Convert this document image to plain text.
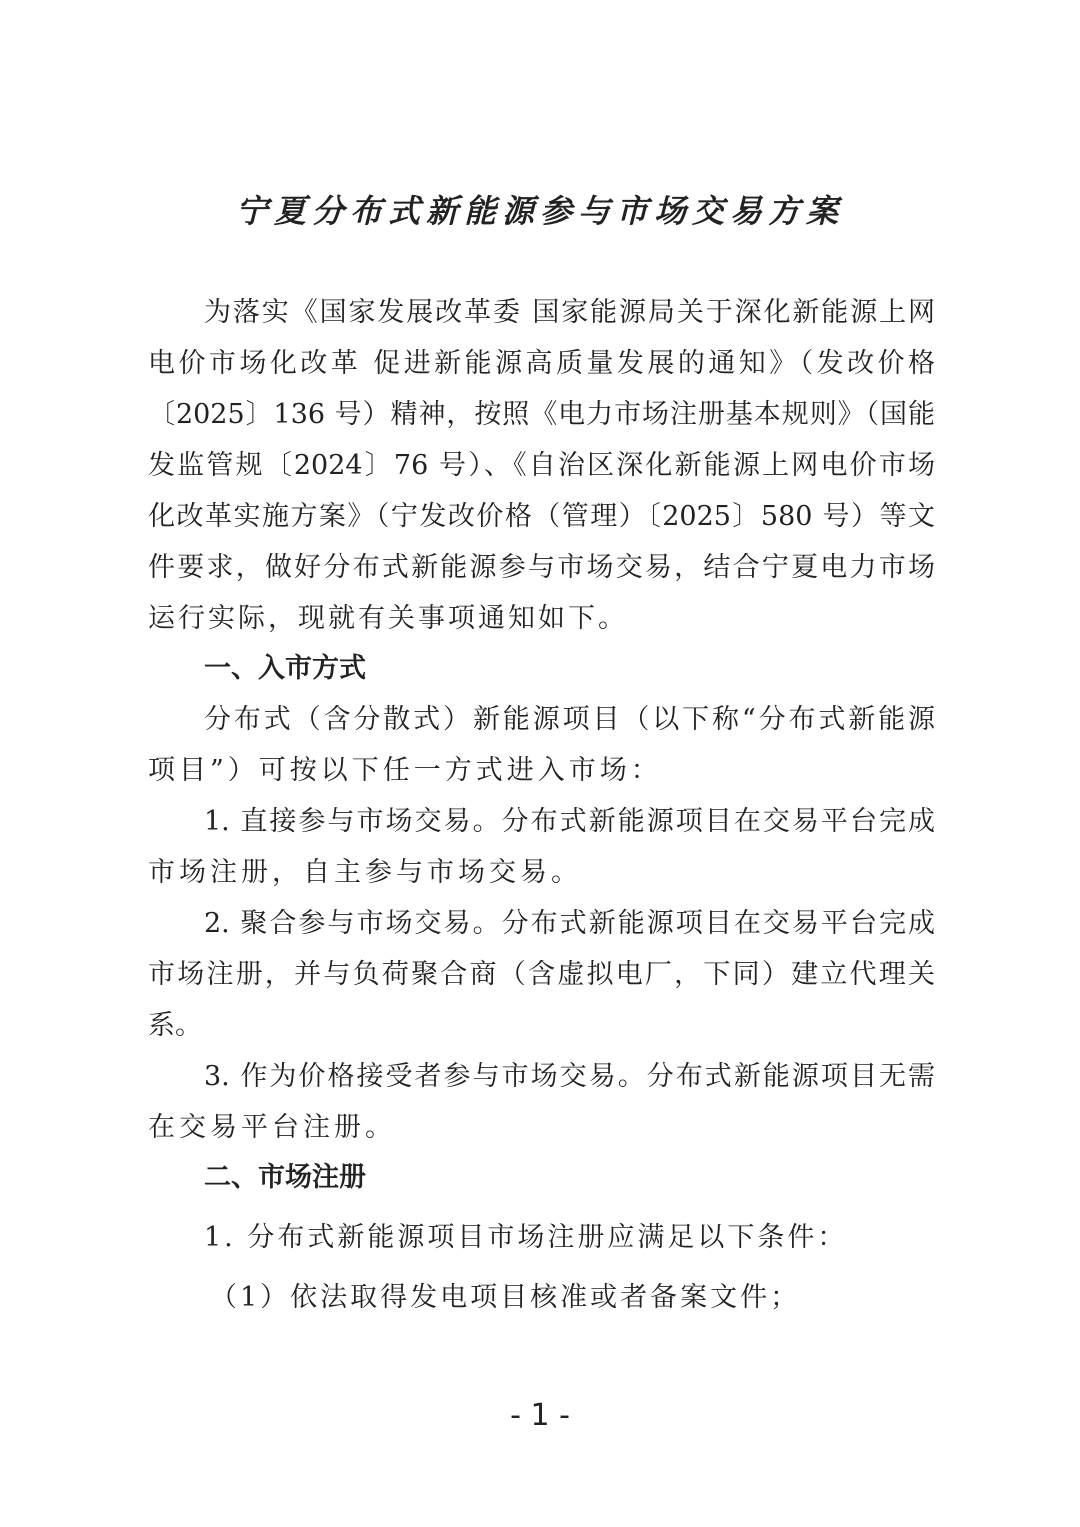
宁夏分布式新能源参与市场交易方案
为落实《国家发展改革委 国家能源局关于深化新能源上网
电价市场化改革 促进新能源高质量发展的通知》（发改价格
〔2025〕136 号）精神，按照《电力市场注册基本规则》（国能
发监管规〔2024〕76 号）、《自治区深化新能源上网电价市场
化改革实施方案》（宁发改价格（管理）〔2025〕580 号）等文
件要求，做好分布式新能源参与市场交易，结合宁夏电力市场
运行实际，现就有关事项通知如下。
一、入市方式
分布式（含分散式）新能源项目（以下称“分布式新能源
项目”）可按以下任一方式进入市场：
1. 直接参与市场交易。分布式新能源项目在交易平台完成
市场注册，自主参与市场交易。
2. 聚合参与市场交易。分布式新能源项目在交易平台完成
市场注册，并与负荷聚合商（含虚拟电厂，下同）建立代理关
系。
3. 作为价格接受者参与市场交易。分布式新能源项目无需
在交易平台注册。
二、市场注册
1. 分布式新能源项目市场注册应满足以下条件：
（1）依法取得发电项目核准或者备案文件；
- 1 -
